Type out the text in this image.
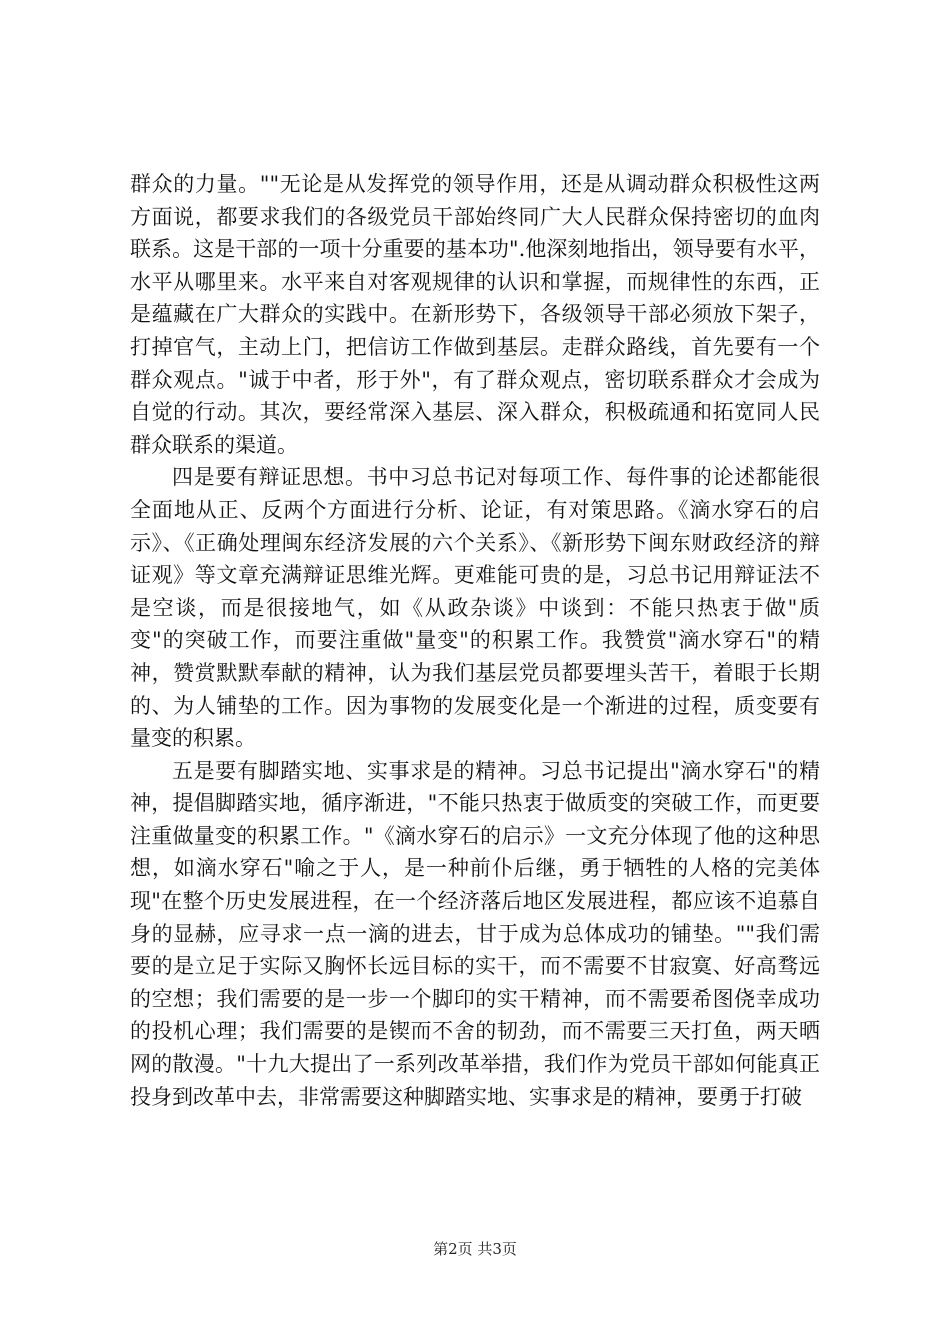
群众的力量。""无论是从发挥党的领导作用，还是从调动群众积极性这两方面说，都要求我们的各级党员干部始终同广大人民群众保持密切的血肉联系。这是干部的一项十分重要的基本功".他深刻地指出，领导要有水平，水平从哪里来。水平来自对客观规律的认识和掌握，而规律性的东西，正是蕴藏在广大群众的实践中。在新形势下，各级领导干部必须放下架子，打掉官气，主动上门，把信访工作做到基层。走群众路线，首先要有一个群众观点。"诚于中者，形于外"，有了群众观点，密切联系群众才会成为自觉的行动。其次，要经常深入基层、深入群众，积极疏通和拓宽同人民群众联系的渠道。

四是要有辩证思想。书中习总书记对每项工作、每件事的论述都能很全面地从正、反两个方面进行分析、论证，有对策思路。《滴水穿石的启示》、《正确处理闽东经济发展的六个关系》、《新形势下闽东财政经济的辩证观》等文章充满辩证思维光辉。更难能可贵的是，习总书记用辩证法不是空谈，而是很接地气，如《从政杂谈》中谈到：不能只热衷于做"质变"的突破工作，而要注重做"量变"的积累工作。我赞赏"滴水穿石"的精神，赞赏默默奉献的精神，认为我们基层党员都要埋头苦干，着眼于长期的、为人铺垫的工作。因为事物的发展变化是一个渐进的过程，质变要有量变的积累。

五是要有脚踏实地、实事求是的精神。习总书记提出"滴水穿石"的精神，提倡脚踏实地，循序渐进，"不能只热衷于做质变的突破工作，而更要注重做量变的积累工作。"《滴水穿石的启示》一文充分体现了他的这种思想，如滴水穿石"喻之于人，是一种前仆后继，勇于牺牲的人格的完美体现"在整个历史发展进程，在一个经济落后地区发展进程，都应该不追慕自身的显赫，应寻求一点一滴的进去，甘于成为总体成功的铺垫。""我们需要的是立足于实际又胸怀长远目标的实干，而不需要不甘寂寞、好高骛远的空想；我们需要的是一步一个脚印的实干精神，而不需要希图侥幸成功的投机心理；我们需要的是锲而不舍的韧劲，而不需要三天打鱼，两天晒网的散漫。"十九大提出了一系列改革举措，我们作为党员干部如何能真正投身到改革中去，非常需要这种脚踏实地、实事求是的精神，要勇于打破

第2页 共3页
